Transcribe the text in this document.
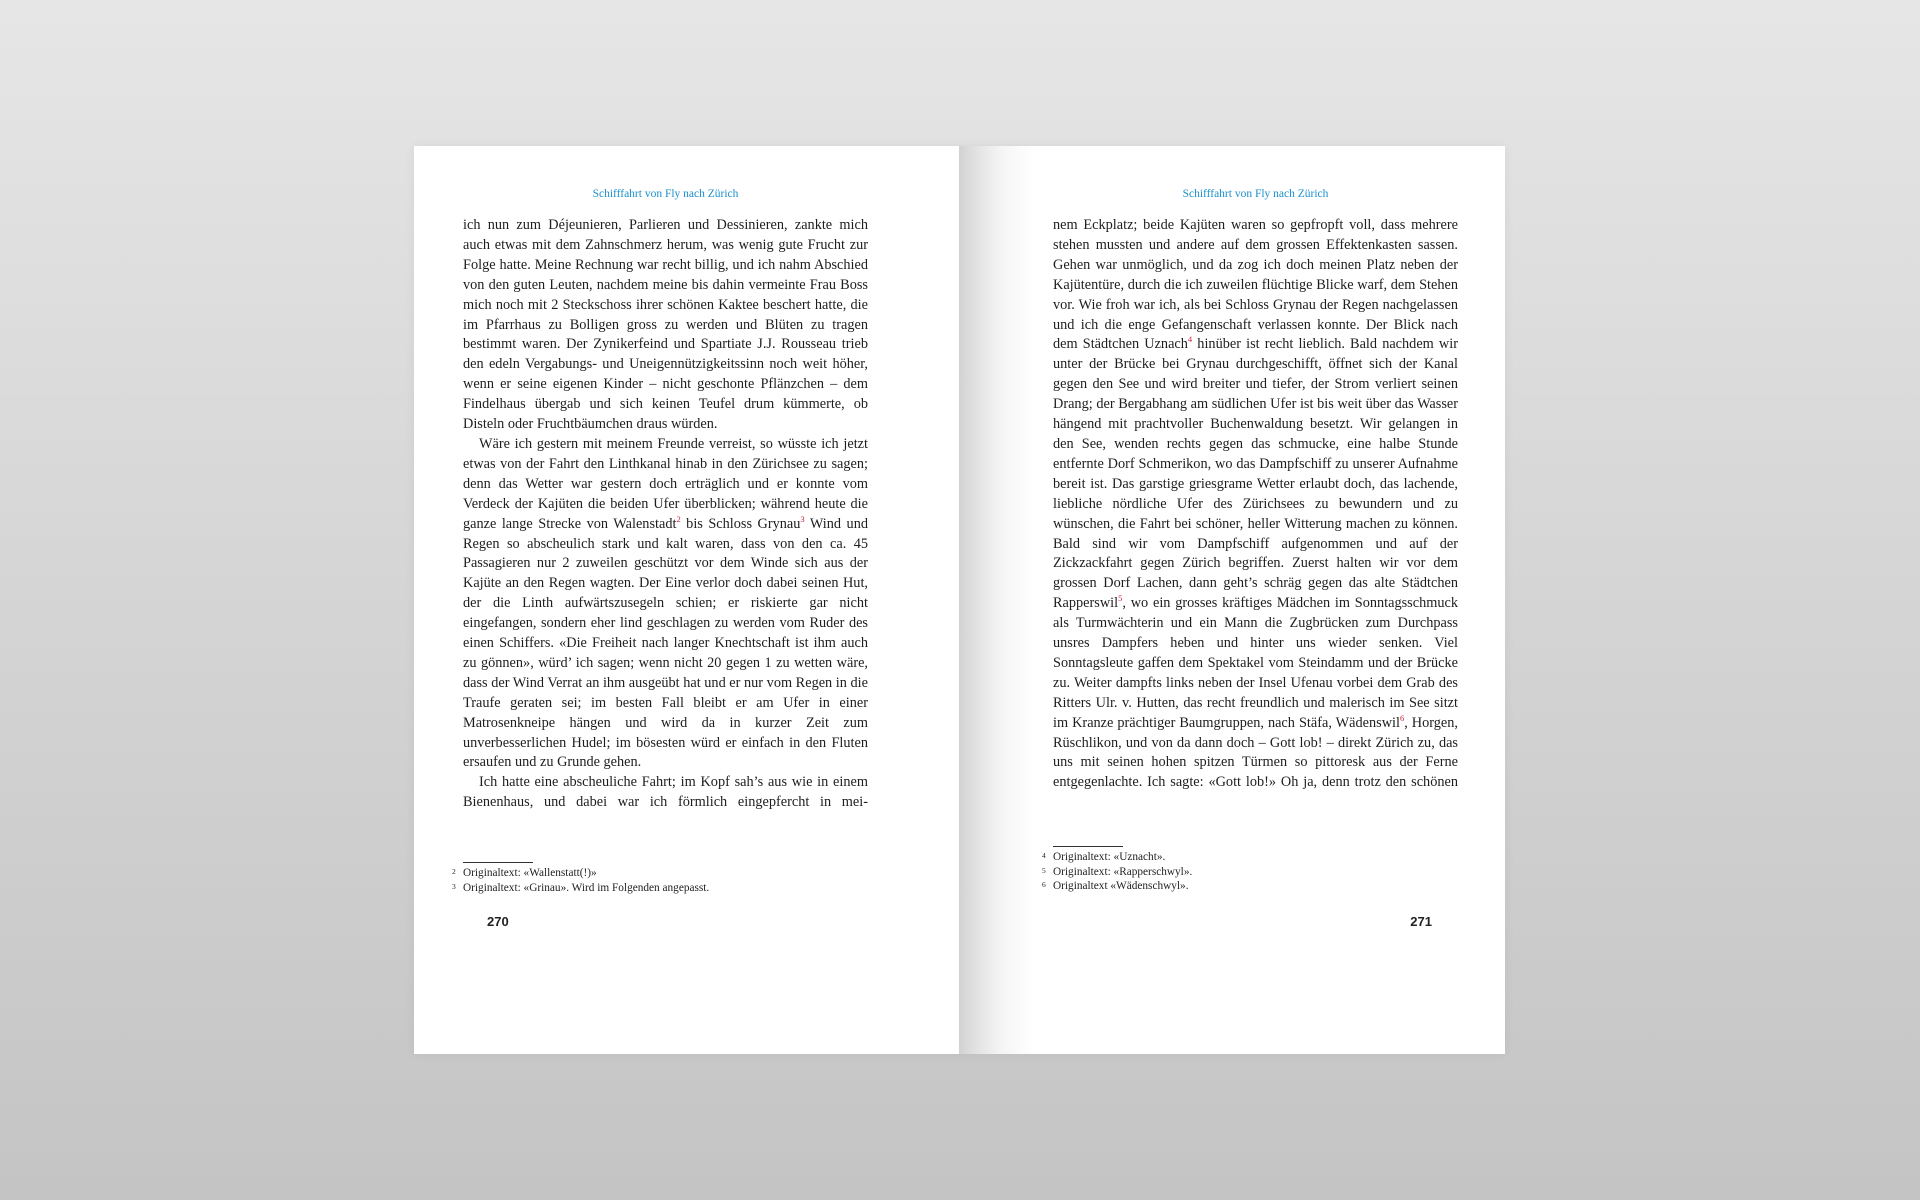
Schifffahrt von Fly nach Zürich

ich nun zum Déjeunieren, Parlieren und Dessinieren, zankte mich auch etwas mit dem Zahnschmerz herum, was wenig gute Frucht zur Folge hatte. Meine Rechnung war recht billig, und ich nahm Abschied von den guten Leuten, nachdem meine bis dahin vermeinte Frau Boss mich noch mit 2 Steckschoss ihrer schönen Kaktee beschert hatte, die im Pfarrhaus zu Bolligen gross zu werden und Blüten zu tragen bestimmt waren. Der Zynikerfeind und Spartiate J.J. Rousseau trieb den edeln Vergabungs- und Uneigennützigkeitssinn noch weit höher, wenn er seine eigenen Kinder – nicht geschonte Pflänzchen – dem Findelhaus übergab und sich keinen Teufel drum kümmerte, ob Disteln oder Fruchtbäumchen draus würden.

Wäre ich gestern mit meinem Freunde verreist, so wüsste ich jetzt etwas von der Fahrt den Linthkanal hinab in den Zürichsee zu sagen; denn das Wetter war gestern doch erträglich und er konnte vom Verdeck der Kajüten die beiden Ufer überblicken; während heute die ganze lange Strecke von Walenstadt$^2$ bis Schloss Grynau$^3$ Wind und Regen so abscheulich stark und kalt waren, dass von den ca. 45 Passagieren nur 2 zuweilen geschützt vor dem Winde sich aus der Kajüte an den Regen wagten. Der Eine verlor doch dabei seinen Hut, der die Linth aufwärtszusegeln schien; er riskierte gar nicht eingefangen, sondern eher lind geschlagen zu werden vom Ruder des einen Schiffers. «Die Freiheit nach langer Knechtschaft ist ihm auch zu gönnen», würd’ ich sagen; wenn nicht 20 gegen 1 zu wetten wäre, dass der Wind Verrat an ihm ausgeübt hat und er nur vom Regen in die Traufe geraten sei; im besten Fall bleibt er am Ufer in einer Matrosenkneipe hängen und wird da in kurzer Zeit zum unverbesserlichen Hudel; im bösesten würd er einfach in den Fluten ersaufen und zu Grunde gehen.

Ich hatte eine abscheuliche Fahrt; im Kopf sah’s aus wie in einem Bienenhaus, und dabei war ich förmlich eingepfercht in mei-

2 Originaltext: «Wallenstatt(!)»
3 Originaltext: «Grinau». Wird im Folgenden angepasst.
270
Schifffahrt von Fly nach Zürich

nem Eckplatz; beide Kajüten waren so gepfropft voll, dass mehrere stehen mussten und andere auf dem grossen Effektenkasten sassen. Gehen war unmöglich, und da zog ich doch meinen Platz neben der Kajütentüre, durch die ich zuweilen flüchtige Blicke warf, dem Stehen vor. Wie froh war ich, als bei Schloss Grynau der Regen nachgelassen und ich die enge Gefangenschaft verlassen konnte. Der Blick nach dem Städtchen Uznach$^4$ hinüber ist recht lieblich. Bald nachdem wir unter der Brücke bei Grynau durchgeschifft, öffnet sich der Kanal gegen den See und wird breiter und tiefer, der Strom verliert seinen Drang; der Bergabhang am südlichen Ufer ist bis weit über das Wasser hängend mit prachtvoller Buchenwaldung besetzt. Wir gelangen in den See, wenden rechts gegen das schmucke, eine halbe Stunde entfernte Dorf Schmerikon, wo das Dampfschiff zu unserer Aufnahme bereit ist. Das garstige griesgrame Wetter erlaubt doch, das lachende, liebliche nördliche Ufer des Zürichsees zu bewundern und zu wünschen, die Fahrt bei schöner, heller Witterung machen zu können. Bald sind wir vom Dampfschiff aufgenommen und auf der Zickzackfahrt gegen Zürich begriffen. Zuerst halten wir vor dem grossen Dorf Lachen, dann geht’s schräg gegen das alte Städtchen Rapperswil$^5$, wo ein grosses kräftiges Mädchen im Sonntagsschmuck als Turmwächterin und ein Mann die Zugbrücken zum Durchpass unsres Dampfers heben und hinter uns wieder senken. Viel Sonntagsleute gaffen dem Spektakel vom Steindamm und der Brücke zu. Weiter dampfts links neben der Insel Ufenau vorbei dem Grab des Ritters Ulr. v. Hutten, das recht freundlich und malerisch im See sitzt im Kranze prächtiger Baumgruppen, nach Stäfa, Wädenswil$^6$, Horgen, Rüschlikon, und von da dann doch – Gott lob! – direkt Zürich zu, das uns mit seinen hohen spitzen Türmen so pittoresk aus der Ferne entgegenlachte. Ich sagte: «Gott lob!» Oh ja, denn trotz den schönen

4 Originaltext: «Uznacht».
5 Originaltext: «Rapperschwyl».
6 Originaltext «Wädenschwyl».
271
